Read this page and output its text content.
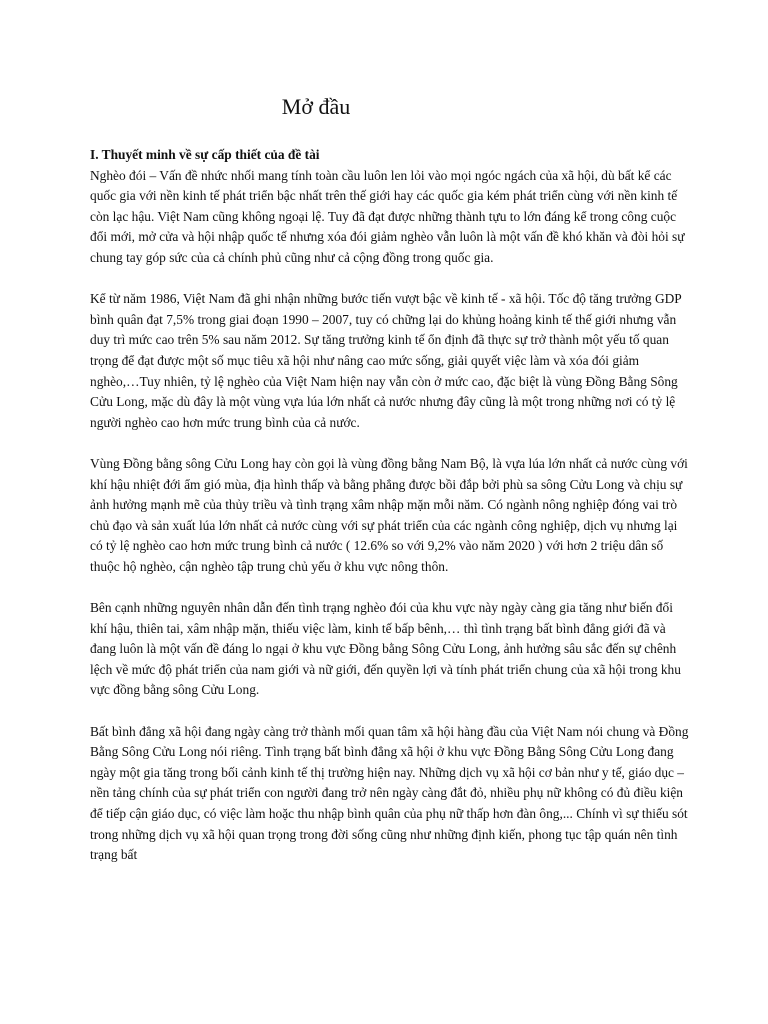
Mở đầu

I. Thuyết minh về sự cấp thiết của đề tài

Nghèo đói – Vấn đề nhức nhối mang tính toàn cầu luôn len lỏi vào mọi ngóc ngách của xã hội, dù bất kể các quốc gia với nền kinh tế phát triển bậc nhất trên thế giới hay các quốc gia kém phát triển cùng với nền kinh tế còn lạc hậu. Việt Nam cũng không ngoại lệ. Tuy đã đạt được những thành tựu to lớn đáng kể trong công cuộc đổi mới, mở cửa và hội nhập quốc tế nhưng xóa đói giảm nghèo vẫn luôn là một vấn đề khó khăn và đòi hỏi sự chung tay góp sức của cả chính phủ cũng như cả cộng đồng trong quốc gia.

Kể từ năm 1986, Việt Nam đã ghi nhận những bước tiến vượt bậc về kinh tế - xã hội. Tốc độ tăng trưởng GDP bình quân đạt 7,5% trong giai đoạn 1990 – 2007, tuy có chững lại do khủng hoảng kinh tế thế giới nhưng vẫn duy trì mức cao trên 5% sau năm 2012. Sự tăng trưởng kinh tế ổn định đã thực sự trở thành một yếu tố quan trọng để đạt được một số mục tiêu xã hội như nâng cao mức sống, giải quyết việc làm và xóa đói giảm nghèo,…Tuy nhiên, tỷ lệ nghèo của Việt Nam hiện nay vẫn còn ở mức cao, đặc biệt là vùng Đồng Bằng Sông Cửu Long, mặc dù đây là một vùng vựa lúa lớn nhất cả nước nhưng đây cũng là một trong những nơi có tỷ lệ người nghèo cao hơn mức trung bình của cả nước.

Vùng Đồng bằng sông Cửu Long hay còn gọi là vùng đồng bằng Nam Bộ, là vựa lúa lớn nhất cả nước cùng với khí hậu nhiệt đới ẩm gió mùa, địa hình thấp và bằng phẳng được bồi đắp bởi phù sa sông Cửu Long và chịu sự ảnh hưởng mạnh mẽ của thủy triều và tình trạng xâm nhập mặn mỗi năm. Có ngành nông nghiệp đóng vai trò chủ đạo và sản xuất lúa lớn nhất cả nước cùng với sự phát triển của các ngành công nghiệp, dịch vụ nhưng lại có tỷ lệ nghèo cao hơn mức trung bình cả nước ( 12.6% so với 9,2% vào năm 2020 ) với hơn 2 triệu dân số thuộc hộ nghèo, cận nghèo tập trung chủ yếu ở khu vực nông thôn.

Bên cạnh những nguyên nhân dẫn đến tình trạng nghèo đói của khu vực này ngày càng gia tăng như biến đổi khí hậu, thiên tai, xâm nhập mặn, thiếu việc làm, kinh tế bấp bênh,… thì tình trạng bất bình đẳng giới đã và đang luôn là một vấn đề đáng lo ngại ở khu vực Đồng bằng Sông Cửu Long, ảnh hưởng sâu sắc đến sự chênh lệch về mức độ phát triển của nam giới và nữ giới, đến quyền lợi và tính phát triển chung của xã hội trong khu vực đồng bằng sông Cửu Long.

Bất bình đẳng xã hội đang ngày càng trở thành mối quan tâm xã hội hàng đầu của Việt Nam nói chung và Đồng Bằng Sông Cửu Long nói riêng. Tình trạng bất bình đẳng xã hội ở khu vực Đồng Bằng Sông Cửu Long đang ngày một gia tăng trong bối cảnh kinh tế thị trường hiện nay. Những dịch vụ xã hội cơ bản như y tế, giáo dục – nền tảng chính của sự phát triển con người đang trở nên ngày càng đắt đỏ, nhiều phụ nữ không có đủ điều kiện để tiếp cận giáo dục, có việc làm hoặc thu nhập bình quân của phụ nữ thấp hơn đàn ông,... Chính vì sự thiếu sót trong những dịch vụ xã hội quan trọng trong đời sống cũng như những định kiến, phong tục tập quán nên tình trạng bất
